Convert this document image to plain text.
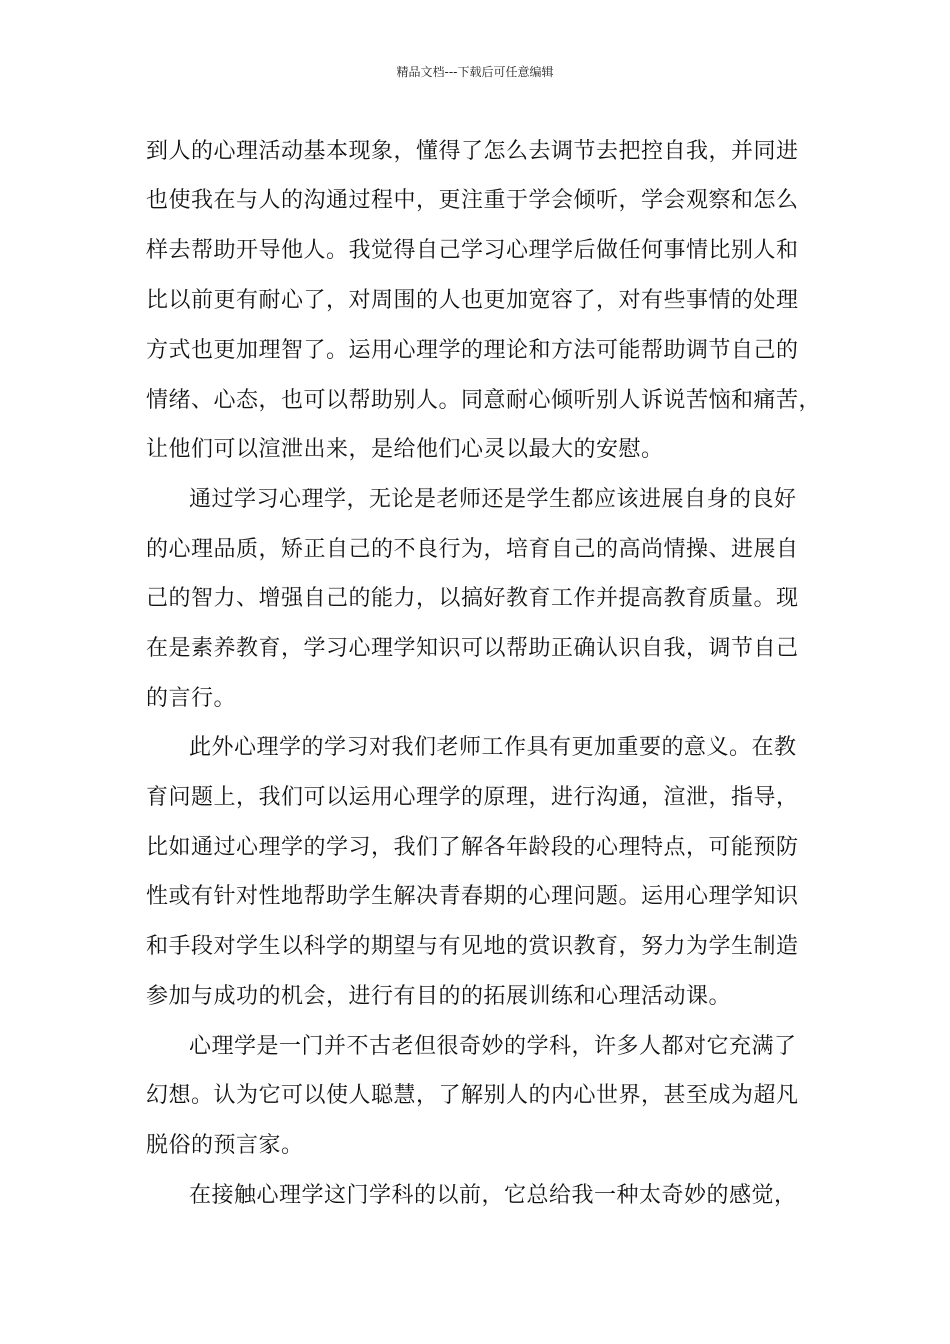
精品文档---下载后可任意编辑
到人的心理活动基本现象，懂得了怎么去调节去把控自我，并同进
也使我在与人的沟通过程中，更注重于学会倾听，学会观察和怎么
样去帮助开导他人。我觉得自己学习心理学后做任何事情比别人和
比以前更有耐心了，对周围的人也更加宽容了，对有些事情的处理
方式也更加理智了。运用心理学的理论和方法可能帮助调节自己的
情绪、心态，也可以帮助别人。同意耐心倾听别人诉说苦恼和痛苦，
让他们可以渲泄出来，是给他们心灵以最大的安慰。
通过学习心理学，无论是老师还是学生都应该进展自身的良好
的心理品质，矫正自己的不良行为，培育自己的高尚情操、进展自
己的智力、增强自己的能力，以搞好教育工作并提高教育质量。现
在是素养教育，学习心理学知识可以帮助正确认识自我，调节自己
的言行。
此外心理学的学习对我们老师工作具有更加重要的意义。在教
育问题上，我们可以运用心理学的原理，进行沟通，渲泄，指导，
比如通过心理学的学习，我们了解各年龄段的心理特点，可能预防
性或有针对性地帮助学生解决青春期的心理问题。运用心理学知识
和手段对学生以科学的期望与有见地的赏识教育，努力为学生制造
参加与成功的机会，进行有目的的拓展训练和心理活动课。
心理学是一门并不古老但很奇妙的学科，许多人都对它充满了
幻想。认为它可以使人聪慧，了解别人的内心世界，甚至成为超凡
脱俗的预言家。
在接触心理学这门学科的以前，它总给我一种太奇妙的感觉，
